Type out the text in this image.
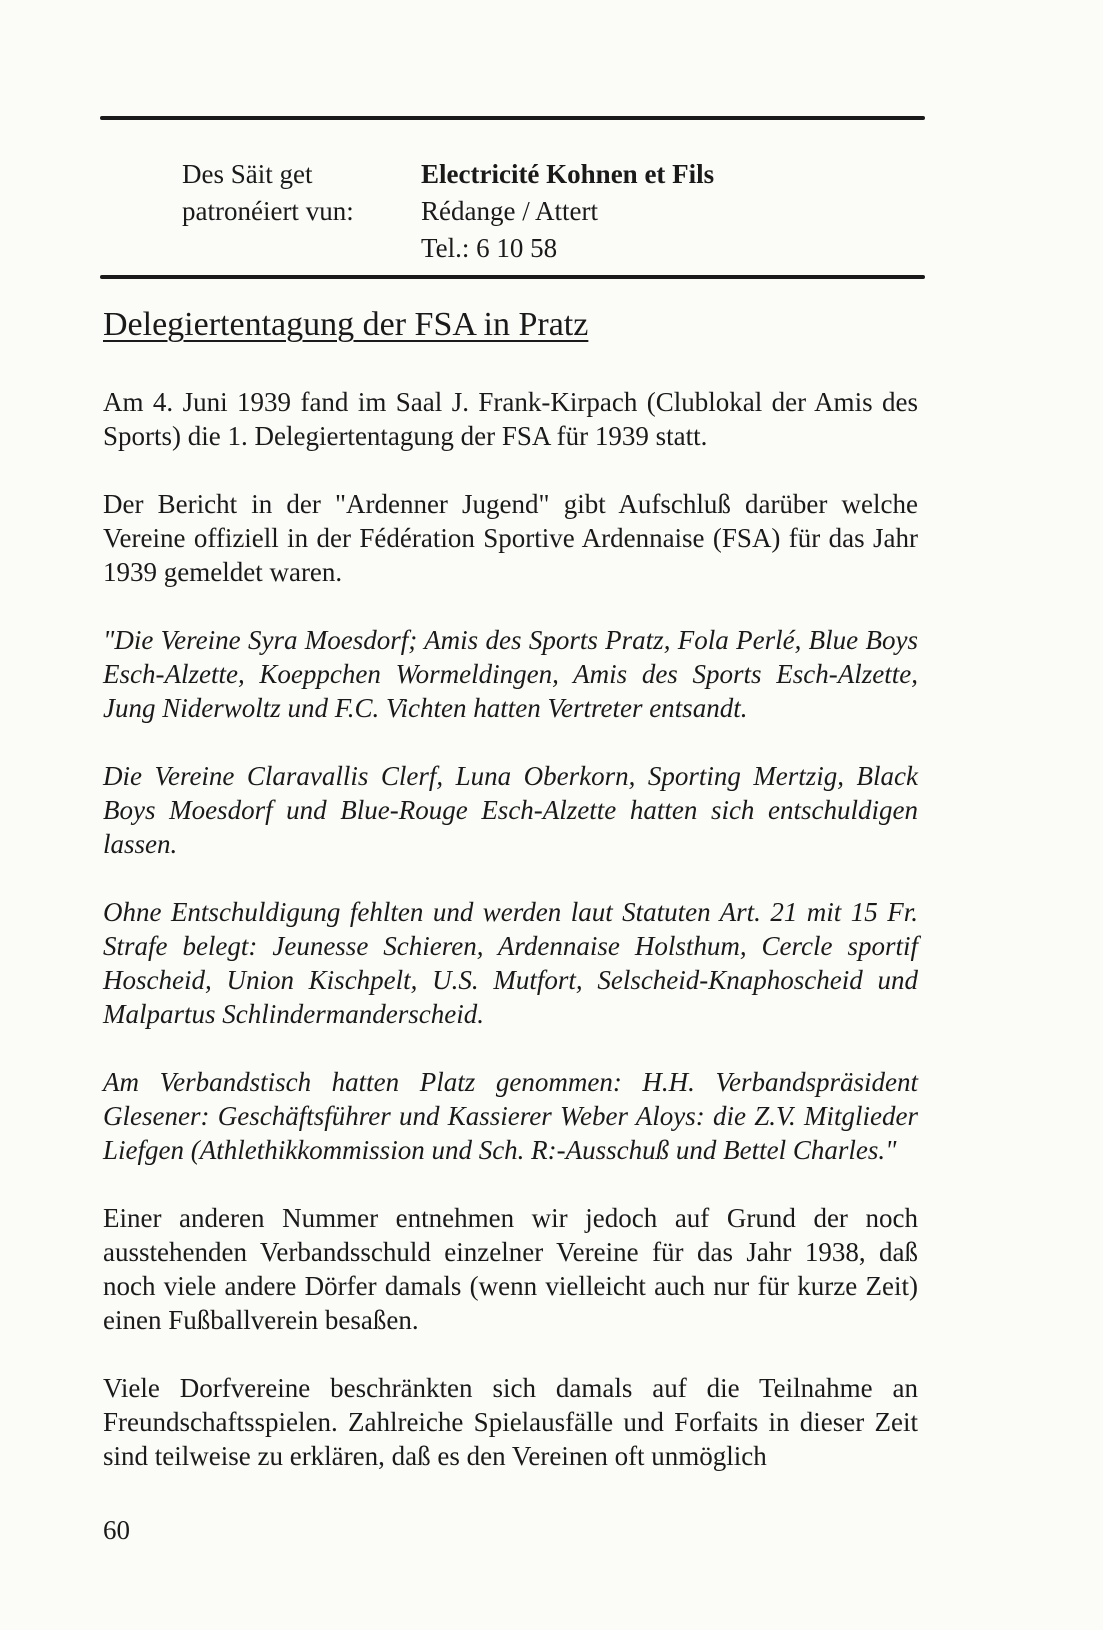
Des Säit get
patronéiert vun:
Electricité Kohnen et Fils
Rédange / Attert
Tel.: 6 10 58
Delegiertentagung der FSA in Pratz

Am 4. Juni 1939 fand im Saal J. Frank-Kirpach (Clublokal der Amis des Sports) die 1. Delegiertentagung der FSA für 1939 statt.

Der Bericht in der "Ardenner Jugend" gibt Aufschluß darüber welche Vereine offiziell in der Fédération Sportive Ardennaise (FSA) für das Jahr 1939 gemeldet waren.

"Die Vereine Syra Moesdorf; Amis des Sports Pratz, Fola Perlé, Blue Boys Esch-Alzette, Koeppchen Wormeldingen, Amis des Sports Esch-Alzette, Jung Niderwoltz und F.C. Vichten hatten Vertreter entsandt.

Die Vereine Claravallis Clerf, Luna Oberkorn, Sporting Mertzig, Black Boys Moesdorf und Blue-Rouge Esch-Alzette hatten sich entschuldigen lassen.

Ohne Entschuldigung fehlten und werden laut Statuten Art. 21 mit 15 Fr. Strafe belegt: Jeunesse Schieren, Ardennaise Holsthum, Cercle sportif Hoscheid, Union Kischpelt, U.S. Mutfort, Selscheid-Knaphoscheid und Malpartus Schlindermanderscheid.

Am Verbandstisch hatten Platz genommen: H.H. Verbandspräsident Glesener: Geschäftsführer und Kassierer Weber Aloys: die Z.V. Mitglieder Liefgen (Athlethikkommission und Sch. R:-Ausschuß und Bettel Charles."

Einer anderen Nummer entnehmen wir jedoch auf Grund der noch ausstehenden Verbandsschuld einzelner Vereine für das Jahr 1938, daß noch viele andere Dörfer damals (wenn vielleicht auch nur für kurze Zeit) einen Fußballverein besaßen.

Viele Dorfvereine beschränkten sich damals auf die Teilnahme an Freundschaftsspielen. Zahlreiche Spielausfälle und Forfaits in dieser Zeit sind teilweise zu erklären, daß es den Vereinen oft unmöglich

60
